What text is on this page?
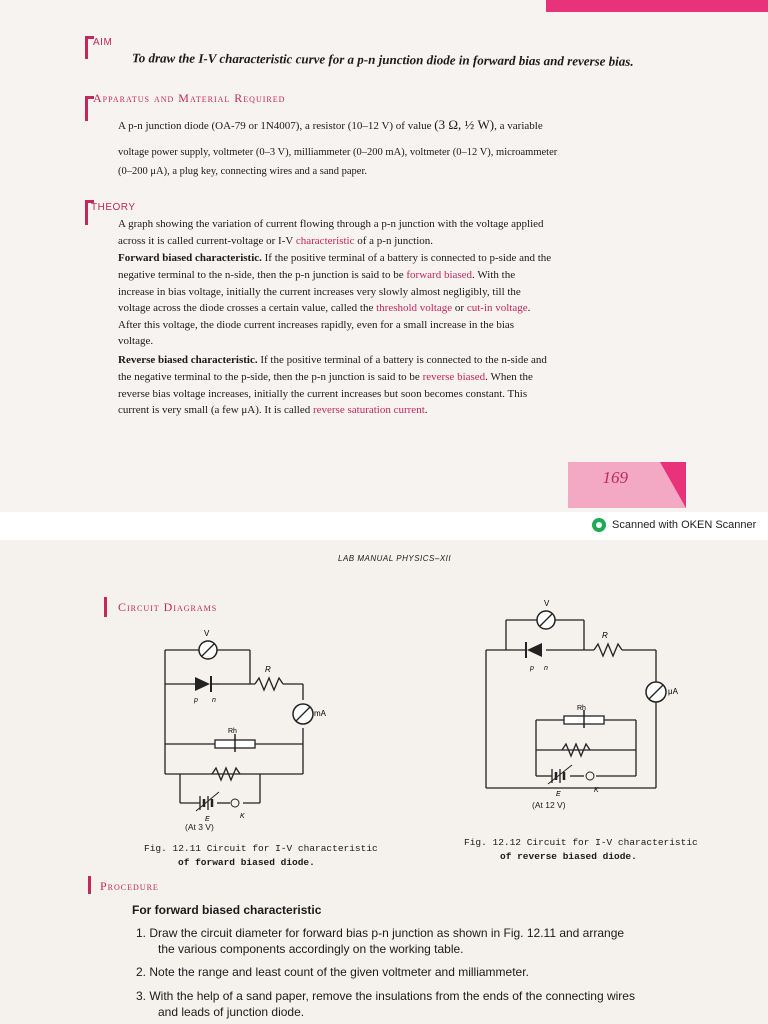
AIM
To draw the I-V characteristic curve for a p-n junction diode in forward bias and reverse bias.
Apparatus and Material Required
A p-n junction diode (OA-79 or 1N4007), a resistor (10–12 V) of value (3 Ω, ½ W), a variable
voltage power supply, voltmeter (0–3 V), milliammeter (0–200 mA), voltmeter (0–12 V), microammeter
(0–200 μA), a plug key, connecting wires and a sand paper.
THEORY
A graph showing the variation of current flowing through a p-n junction with the voltage applied
across it is called current-voltage or I-V characteristic of a p-n junction.
Forward biased characteristic. If the positive terminal of a battery is connected to p-side and the
negative terminal to the n-side, then the p-n junction is said to be forward biased. With the
increase in bias voltage, initially the current increases very slowly almost negligibly, till the
voltage across the diode crosses a certain value, called the threshold voltage or cut-in voltage.
After this voltage, the diode current increases rapidly, even for a small increase in the bias
voltage.
Reverse biased characteristic. If the positive terminal of a battery is connected to the n-side and
the negative terminal to the p-side, then the p-n junction is said to be reverse biased. When the
reverse bias voltage increases, initially the current increases but soon becomes constant. This
current is very small (a few μA). It is called reverse saturation current.
169
Scanned with OKEN Scanner
LAB MANUAL PHYSICS–XII
Circuit Diagrams
V
p n
R
mA
Rh
E	K
(At 3 V)
Fig. 12.11 Circuit for I-V characteristic
of forward biased diode.
V
p n
R
μA
Rh
E
K
(At 12 V)
Fig. 12.12 Circuit for I-V characteristic
of reverse biased diode.
Procedure
For forward biased characteristic
1. Draw the circuit diameter for forward bias p-n junction as shown in Fig. 12.11 and arrange
the various components accordingly on the working table.
2. Note the range and least count of the given voltmeter and milliammeter.
3. With the help of a sand paper, remove the insulations from the ends of the connecting wires
and leads of junction diode.
